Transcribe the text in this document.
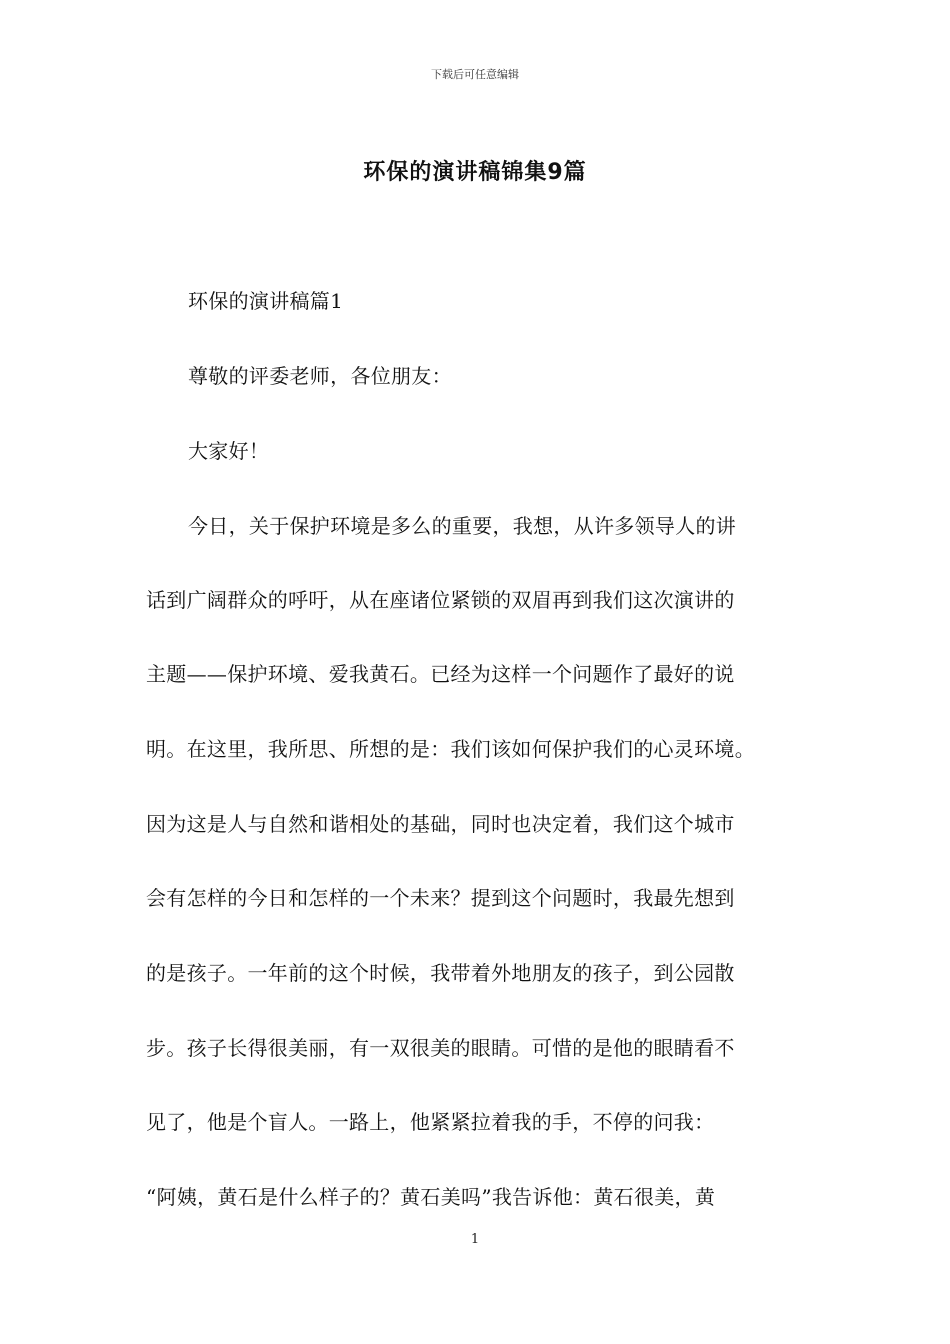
下载后可任意编辑
环保的演讲稿锦集9篇
环保的演讲稿篇1
尊敬的评委老师，各位朋友：
大家好！
今日，关于保护环境是多么的重要，我想，从许多领导人的讲
话到广阔群众的呼吁，从在座诸位紧锁的双眉再到我们这次演讲的
主题——保护环境、爱我黄石。已经为这样一个问题作了最好的说
明。在这里，我所思、所想的是：我们该如何保护我们的心灵环境。
因为这是人与自然和谐相处的基础，同时也决定着，我们这个城市
会有怎样的今日和怎样的一个未来？提到这个问题时，我最先想到
的是孩子。一年前的这个时候，我带着外地朋友的孩子，到公园散
步。孩子长得很美丽，有一双很美的眼睛。可惜的是他的眼睛看不
见了，他是个盲人。一路上，他紧紧拉着我的手，不停的问我：
“阿姨，黄石是什么样子的？黄石美吗”我告诉他：黄石很美，黄
1
